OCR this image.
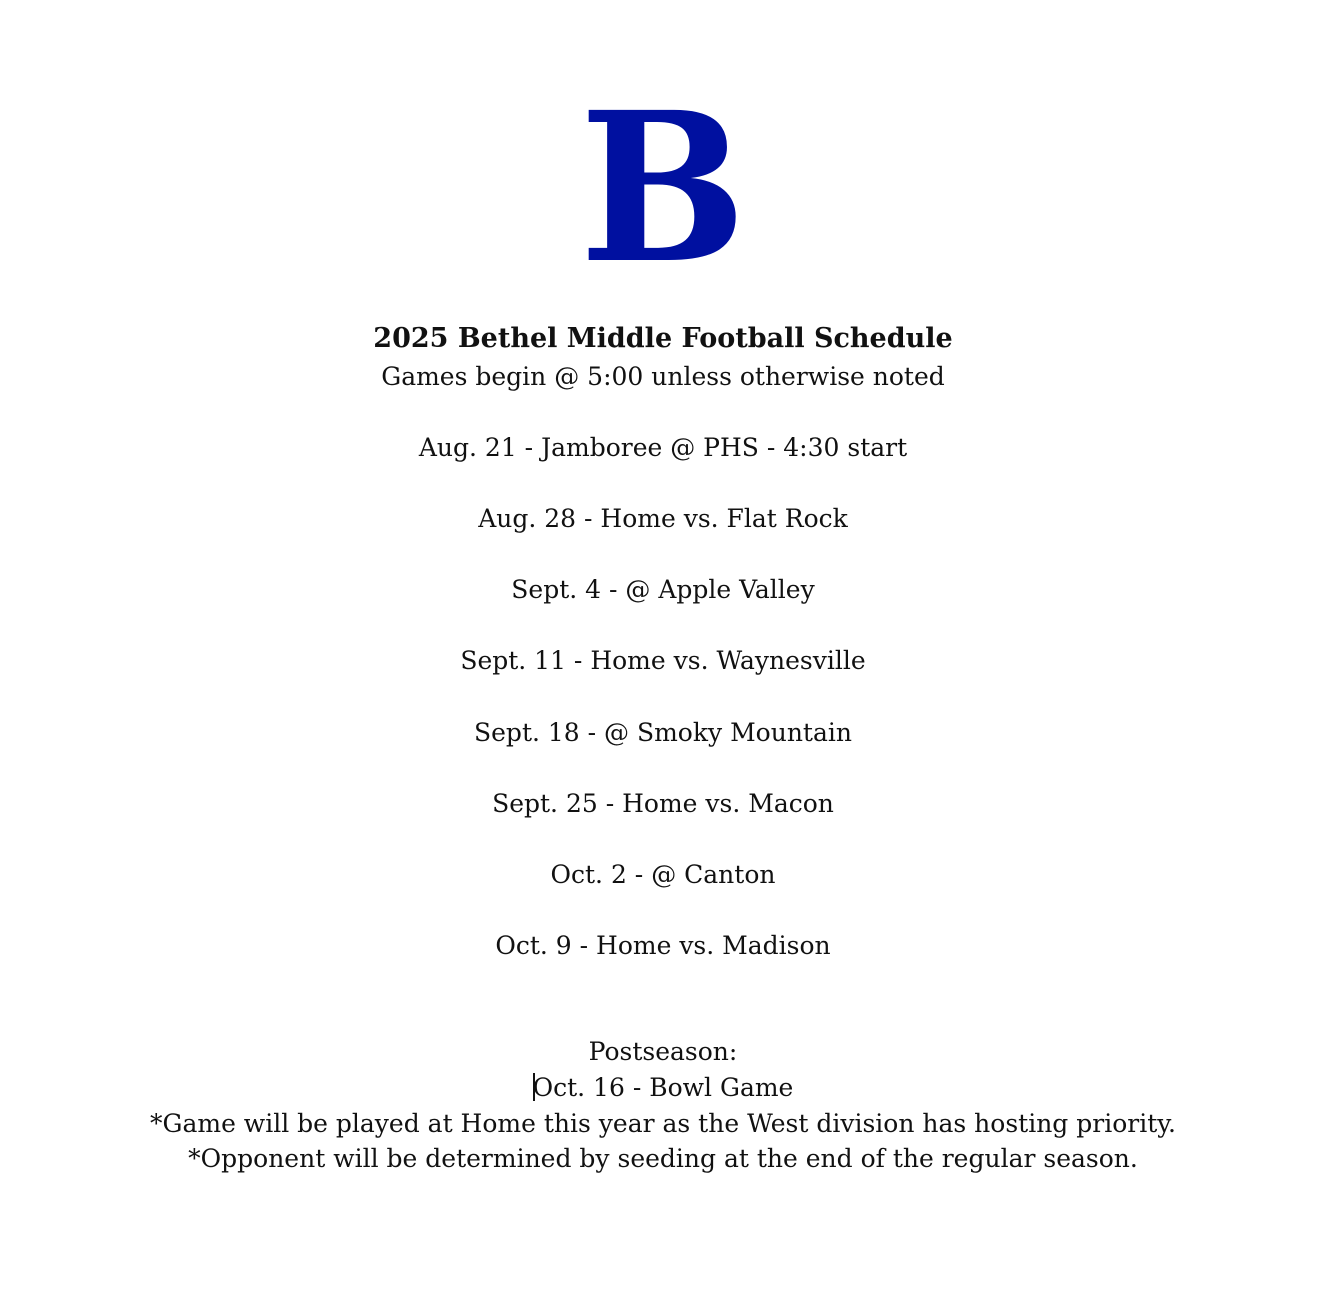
B
2025 Bethel Middle Football Schedule
Games begin @ 5:00 unless otherwise noted
Aug. 21 - Jamboree @ PHS - 4:30 start
Aug. 28 - Home vs. Flat Rock
Sept. 4 - @ Apple Valley
Sept. 11 - Home vs. Waynesville
Sept. 18 - @ Smoky Mountain
Sept. 25 - Home vs. Macon
Oct. 2 - @ Canton
Oct. 9 - Home vs. Madison
Postseason:
Oct. 16 - Bowl Game
*Game will be played at Home this year as the West division has hosting priority.
*Opponent will be determined by seeding at the end of the regular season.
